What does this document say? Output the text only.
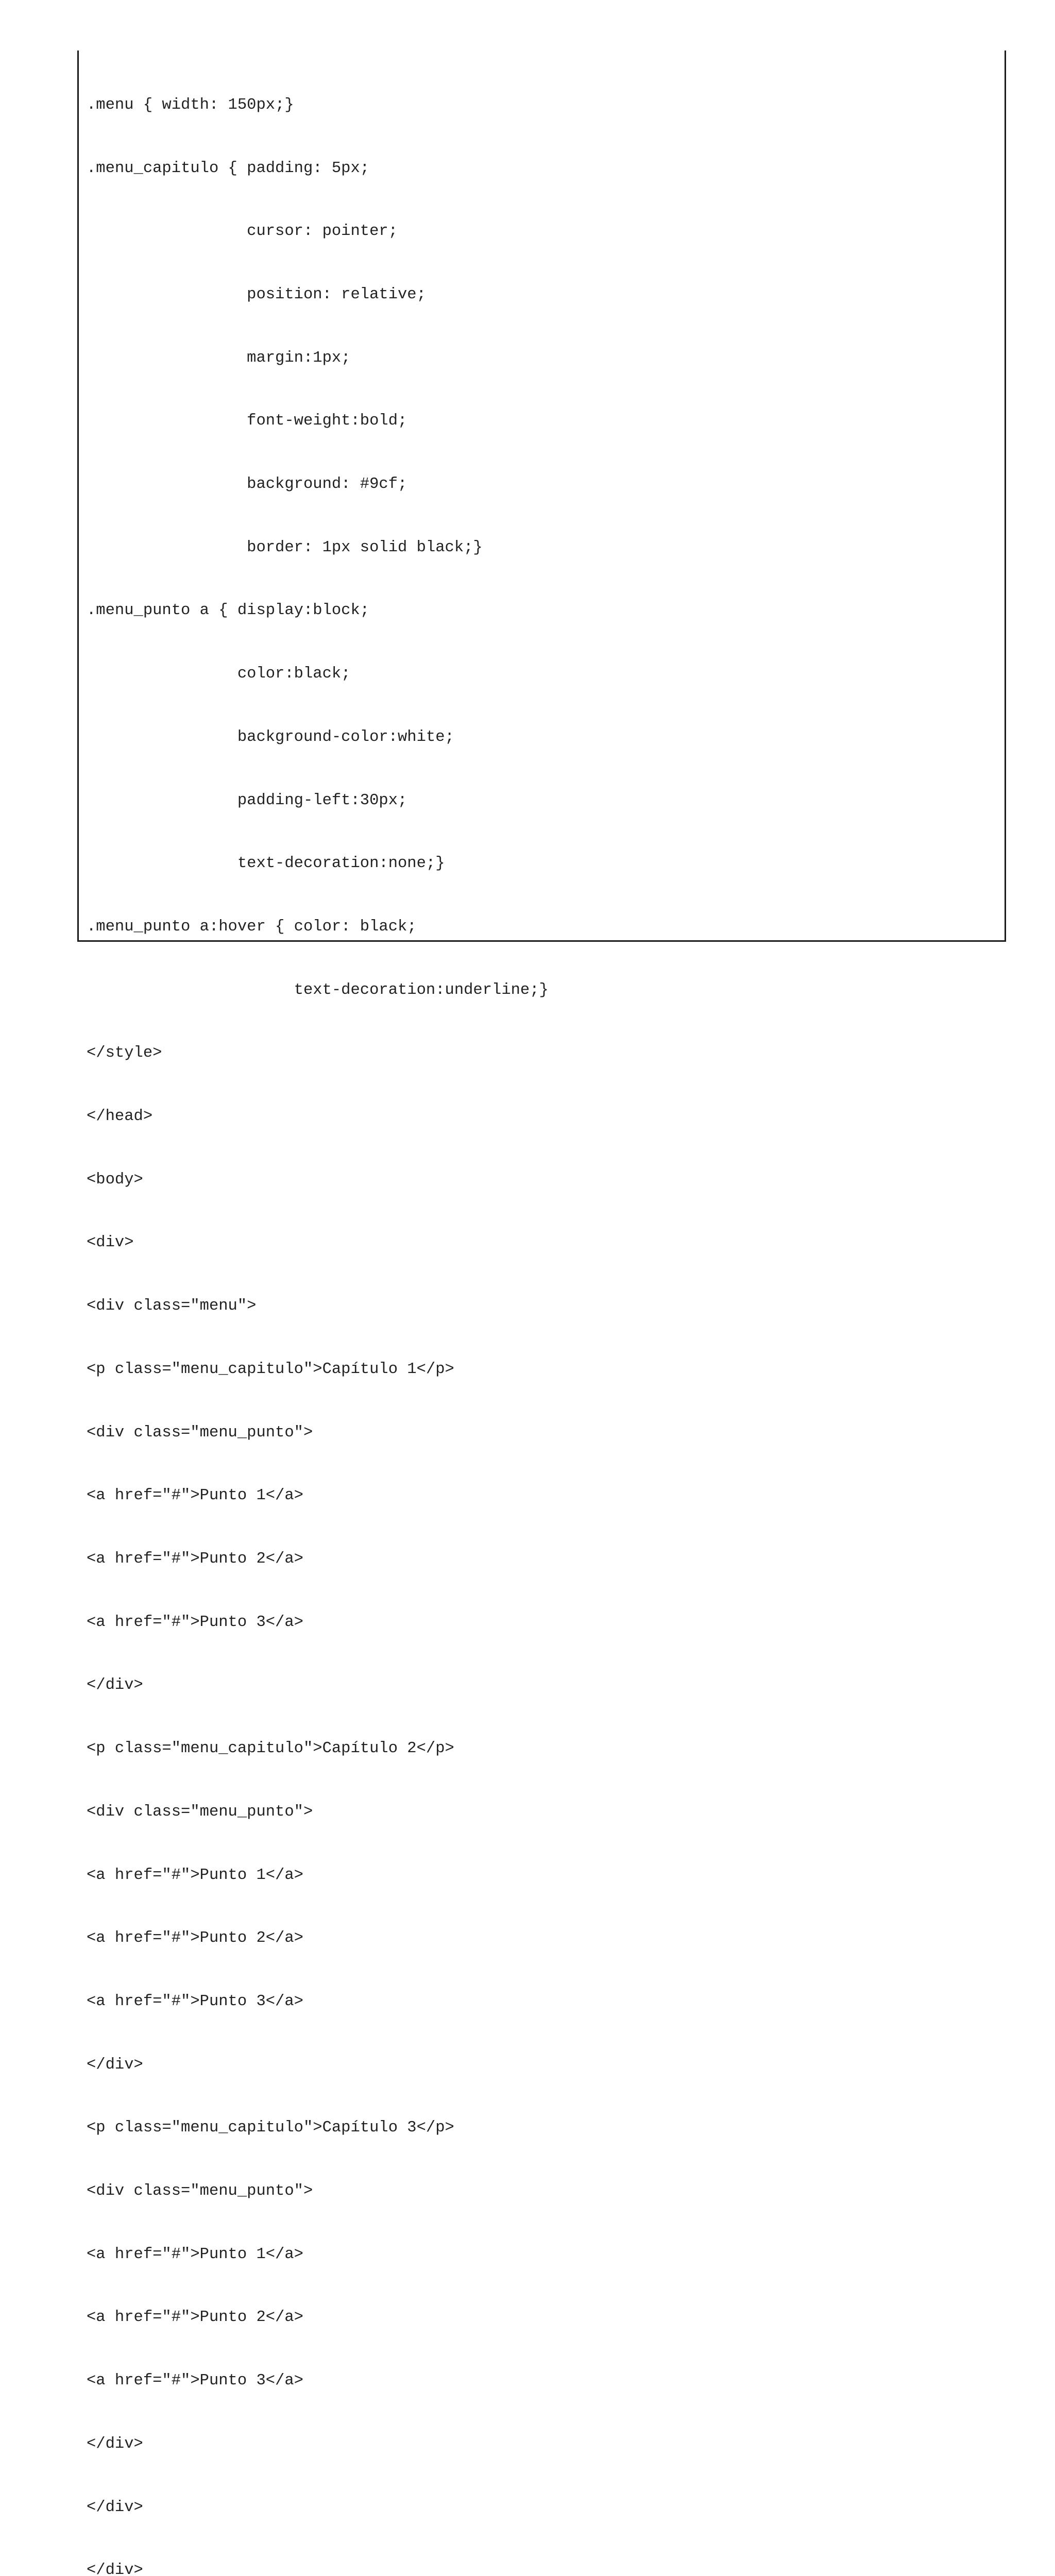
.menu { width: 150px;}

.menu_capitulo { padding: 5px;

cursor: pointer;

position: relative;

margin:1px;

font-weight:bold;

background: #9cf;

border: 1px solid black;}

.menu_punto a { display:block;

color:black;

background-color:white;

padding-left:30px;

text-decoration:none;}

.menu_punto a:hover { color: black;

text-decoration:underline;}

</style>

</head>

<body>

<div>

<div class="menu">

<p class="menu_capitulo">Capítulo 1</p>

<div class="menu_punto">

<a href="#">Punto 1</a>

<a href="#">Punto 2</a>

<a href="#">Punto 3</a>

</div>

<p class="menu_capitulo">Capítulo 2</p>

<div class="menu_punto">

<a href="#">Punto 1</a>

<a href="#">Punto 2</a>

<a href="#">Punto 3</a>

</div>

<p class="menu_capitulo">Capítulo 3</p>

<div class="menu_punto">

<a href="#">Punto 1</a>

<a href="#">Punto 2</a>

<a href="#">Punto 3</a>

</div>

</div>

</div>
